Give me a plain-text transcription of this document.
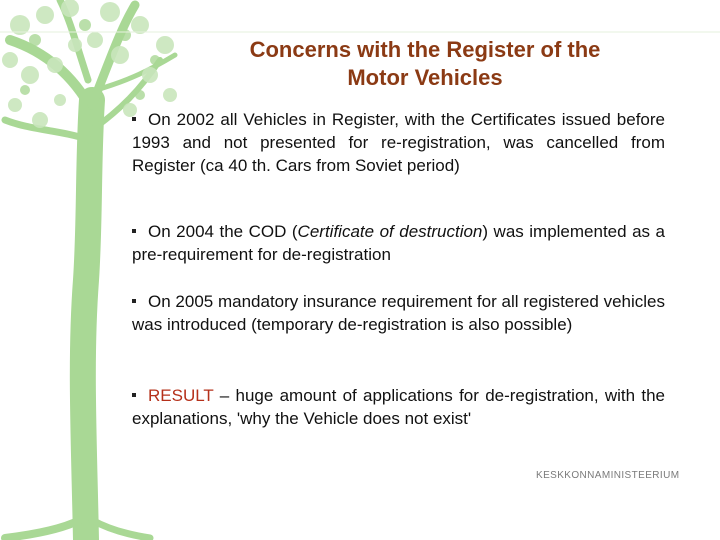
Concerns with the Register of the
Motor Vehicles
On 2002 all Vehicles in Register, with the Certificates issued before 1993 and not presented for re-registration, was cancelled from Register (ca 40 th. Cars from Soviet period)
On 2004 the COD (Certificate of destruction) was implemented as a pre-requirement for de-registration
On 2005 mandatory insurance requirement for all registered vehicles was introduced (temporary de-registration is also possible)
RESULT – huge amount of applications for de-registration, with the explanations, 'why the Vehicle does not exist'
KESKKONNAMINISTEERIUM
